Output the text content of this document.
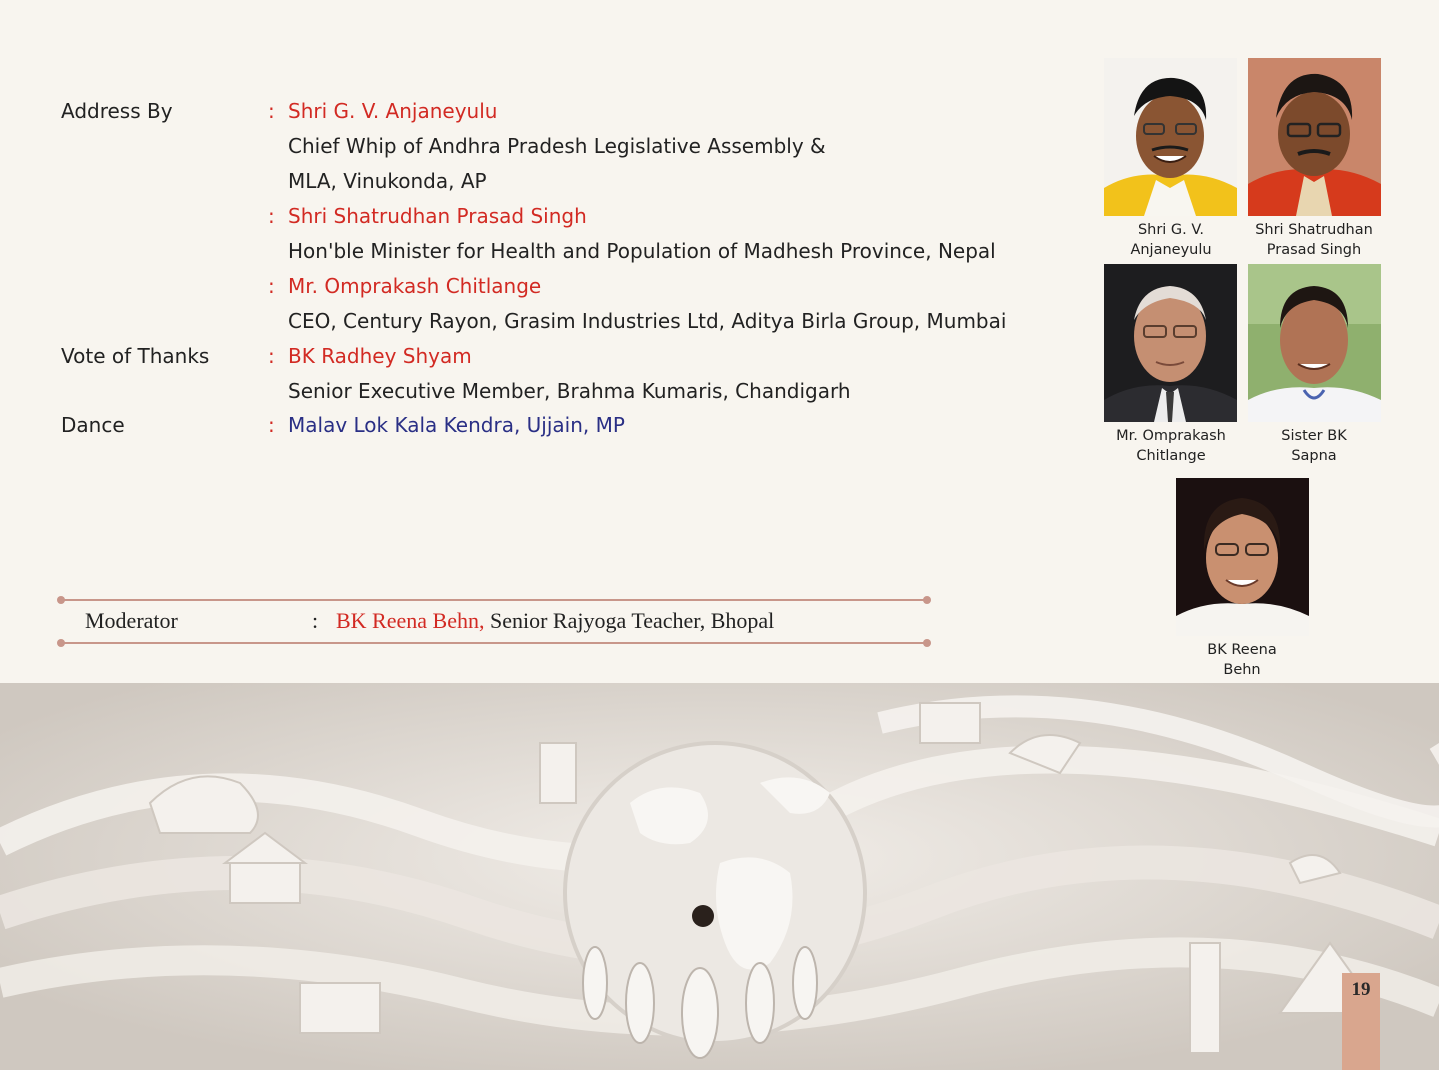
Address By	: Shri G. V. Anjaneyulu
Chief Whip of Andhra Pradesh Legislative Assembly &
MLA, Vinukonda, AP
: Shri Shatrudhan Prasad Singh
Hon'ble Minister for Health and Population of Madhesh Province, Nepal
: Mr. Omprakash Chitlange
CEO, Century Rayon, Grasim Industries Ltd, Aditya Birla Group, Mumbai
Vote of Thanks	: BK Radhey Shyam
Senior Executive Member, Brahma Kumaris, Chandigarh
Dance	: Malav Lok Kala Kendra, Ujjain, MP
Moderator	: BK Reena Behn, Senior Rajyoga Teacher, Bhopal
Shri G. V.
Anjaneyulu
Shri Shatrudhan
Prasad Singh
Mr. Omprakash
Chitlange
Sister BK
Sapna
BK Reena
Behn
19
